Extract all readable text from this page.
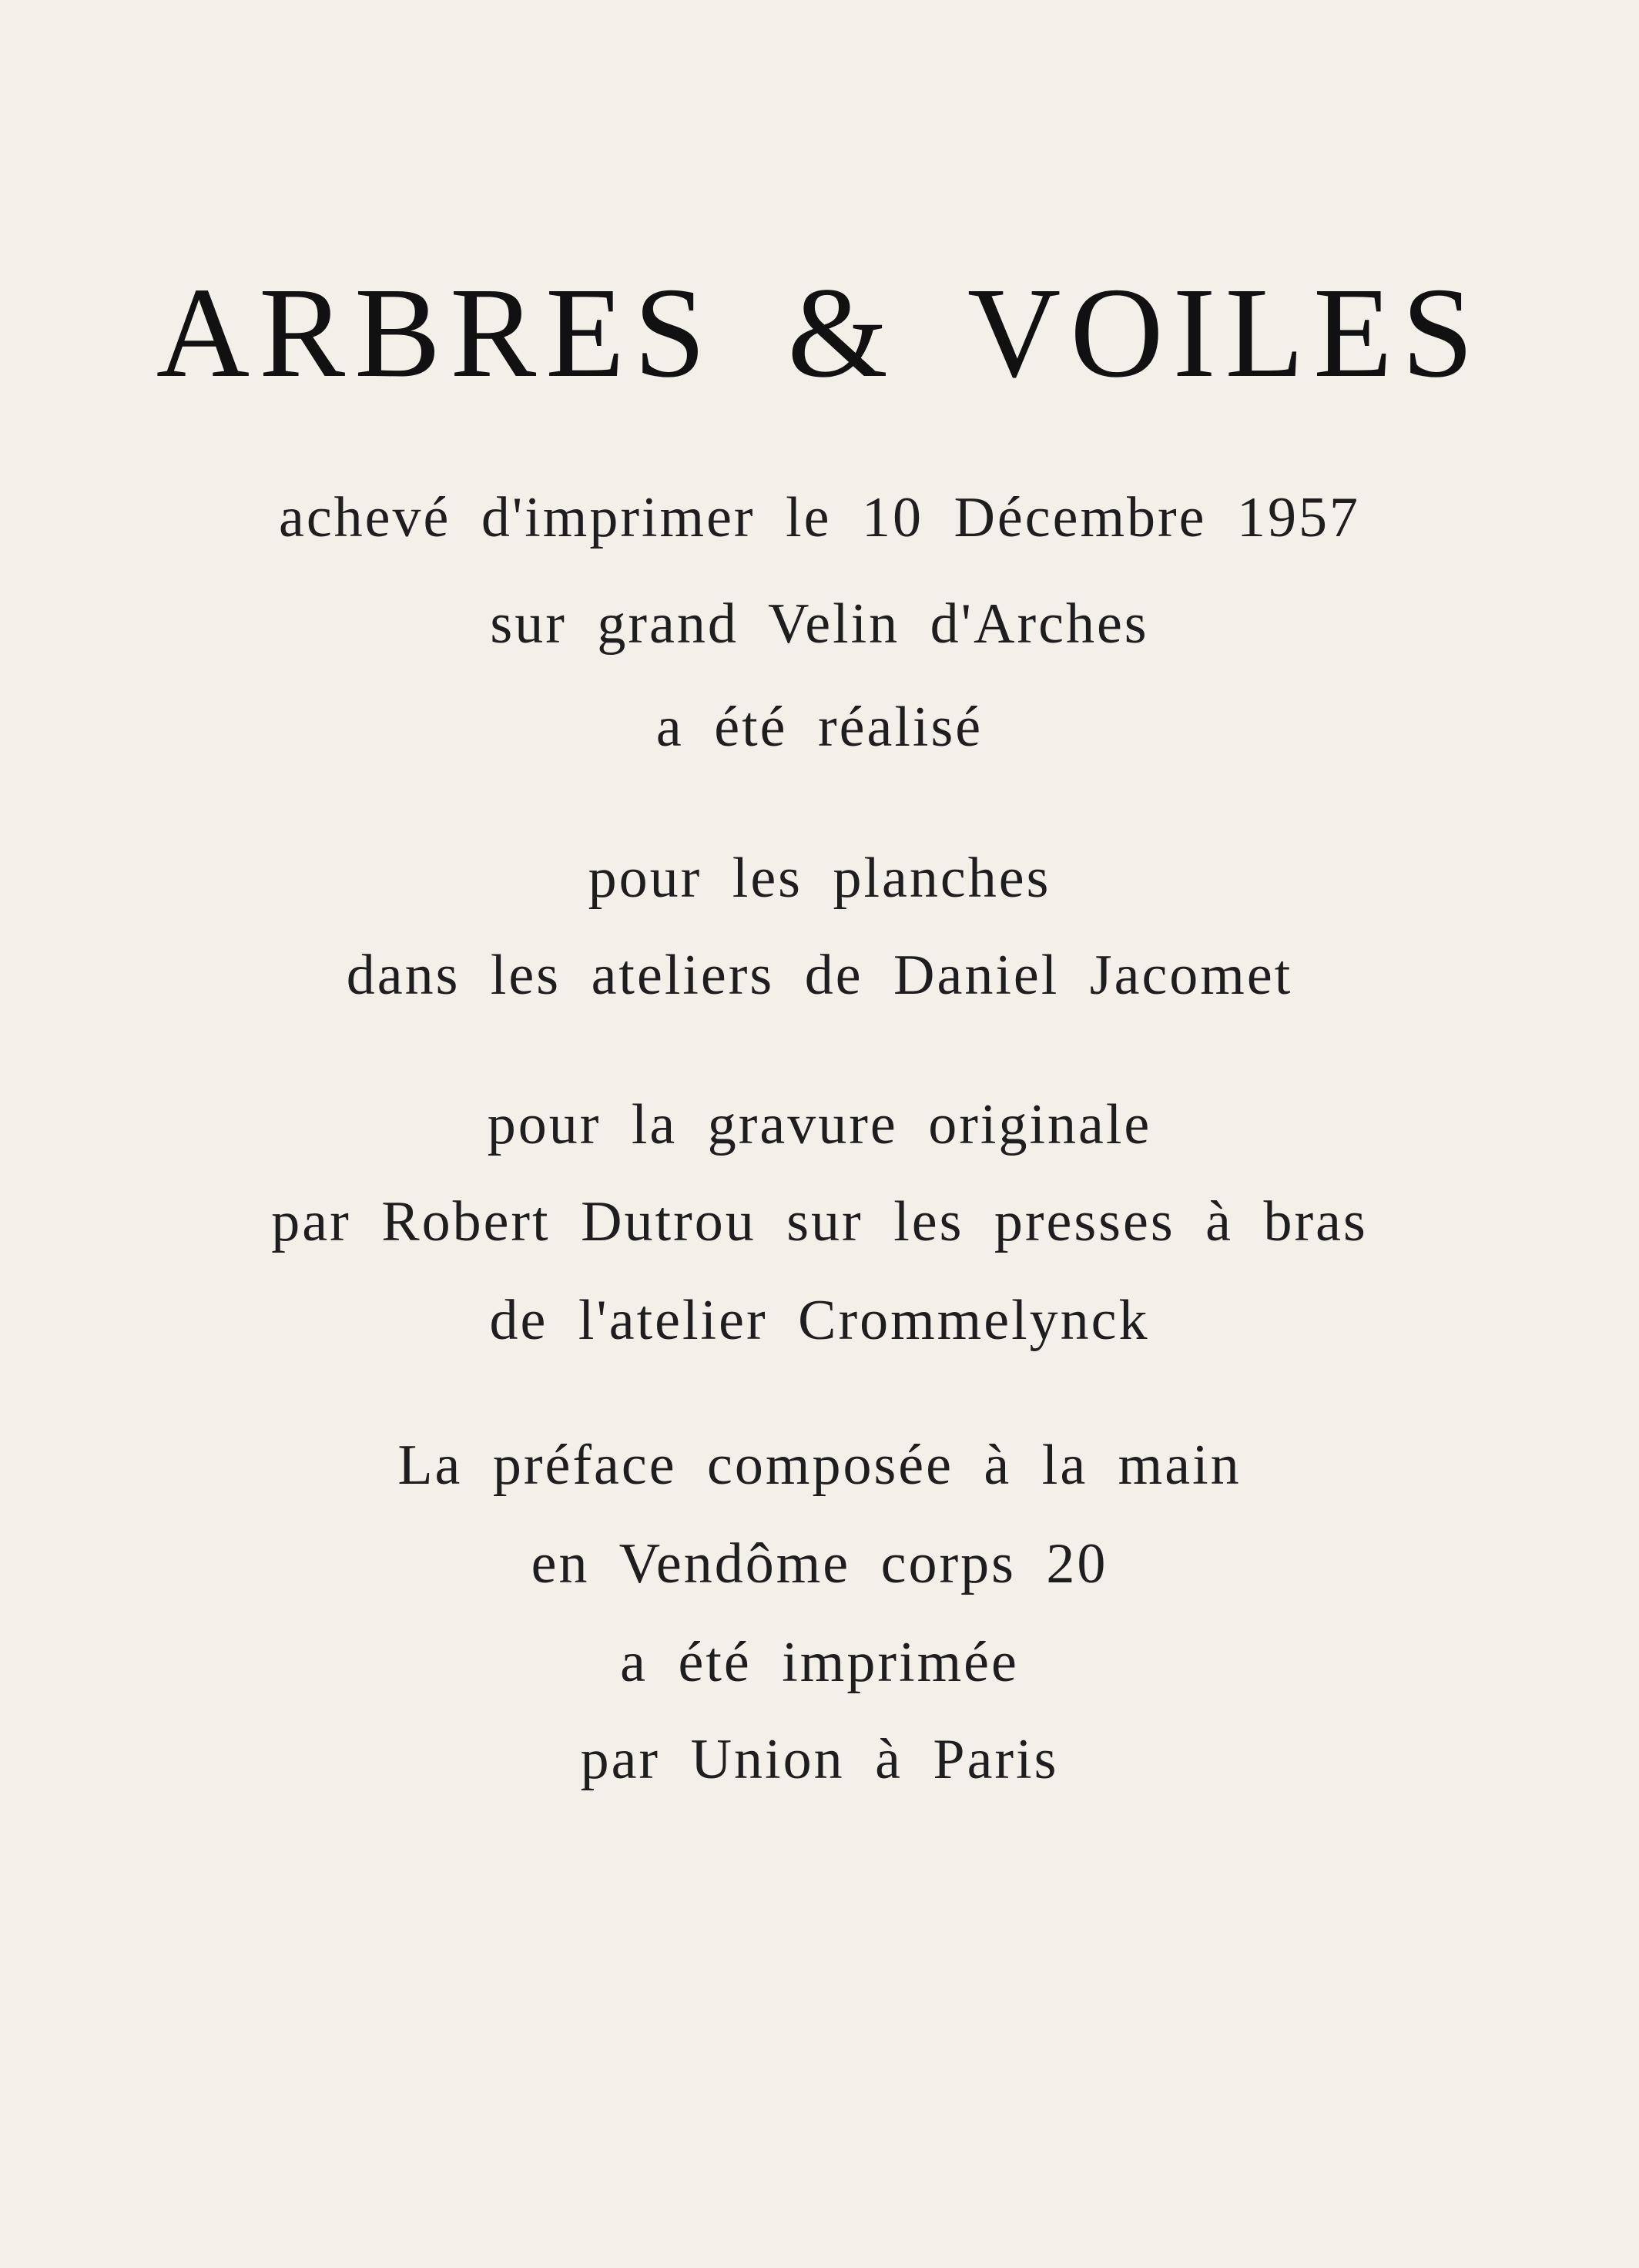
ARBRES & VOILES
achevé d'imprimer le 10 Décembre 1957
sur grand Velin d'Arches
a été réalisé
pour les planches
dans les ateliers de Daniel Jacomet
pour la gravure originale
par Robert Dutrou sur les presses à bras
de l'atelier Crommelynck
La préface composée à la main
en Vendôme corps 20
a été imprimée
par Union à Paris
